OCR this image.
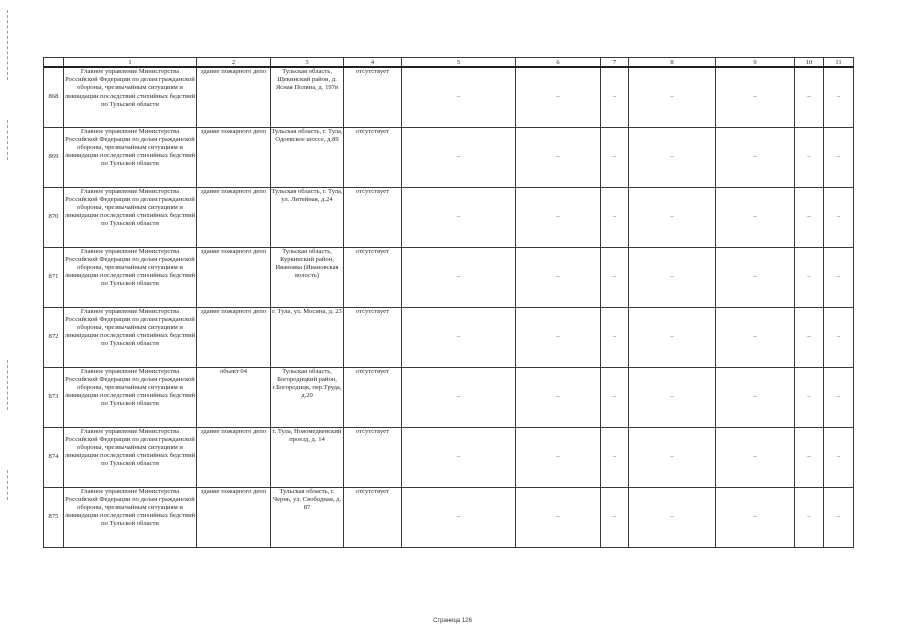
	1	2	3	4	5	6	7	8	9	10	11
868	Главное управление Министерства Российской Федерации по делам гражданской обороны, чрезвычайным ситуациям и ликвидации последствий стихийных бедствий по Тульской области	здание пожарного депо	Тульская область, Щекинский район, д. Ясная Поляна, д. 197в	отсутствует	–	–	–	–	–	–	–
869	Главное управление Министерства Российской Федерации по делам гражданской обороны, чрезвычайным ситуациям и ликвидации последствий стихийных бедствий по Тульской области	здание пожарного депо	Тульская область, г. Тула, Одоевское шоссе, д.89	отсутствует	–	–	–	–	–	–	–
870	Главное управление Министерства Российской Федерации по делам гражданской обороны, чрезвычайным ситуациям и ликвидации последствий стихийных бедствий по Тульской области	здание пожарного депо	Тульская область, г. Тула, ул. Литейная, д.24	отсутствует	–	–	–	–	–	–	–
871	Главное управление Министерства Российской Федерации по делам гражданской обороны, чрезвычайным ситуациям и ликвидации последствий стихийных бедствий по Тульской области	здание пожарного депо	Тульская область, Куркинский район, Ивановка (Ивановская волость)	отсутствует	–	–	–	–	–	–	–
872	Главное управление Министерства Российской Федерации по делам гражданской обороны, чрезвычайным ситуациям и ликвидации последствий стихийных бедствий по Тульской области	здание пожарного депо	г. Тула, ул. Мосина, д. 23	отсутствует	–	–	–	–	–	–	–
873	Главное управление Министерства Российской Федерации по делам гражданской обороны, чрезвычайным ситуациям и ликвидации последствий стихийных бедствий по Тульской области	объект 04	Тульская область, Богородицкий район, г.Богородицк, пер.Труда, д.20	отсутствует	–	–	–	–	–	–	–
874	Главное управление Министерства Российской Федерации по делам гражданской обороны, чрезвычайным ситуациям и ликвидации последствий стихийных бедствий по Тульской области	здание пожарного депо	г. Тула, Новомедвенский проезд, д. 14	отсутствует	–	–	–	–	–	–	–
875	Главное управление Министерства Российской Федерации по делам гражданской обороны, чрезвычайным ситуациям и ликвидации последствий стихийных бедствий по Тульской области	здание пожарного депо	Тульская область, г. Чернь, ул. Свободная, д. 87	отсутствует	–	–	–	–	–	–	–
Страница 126
